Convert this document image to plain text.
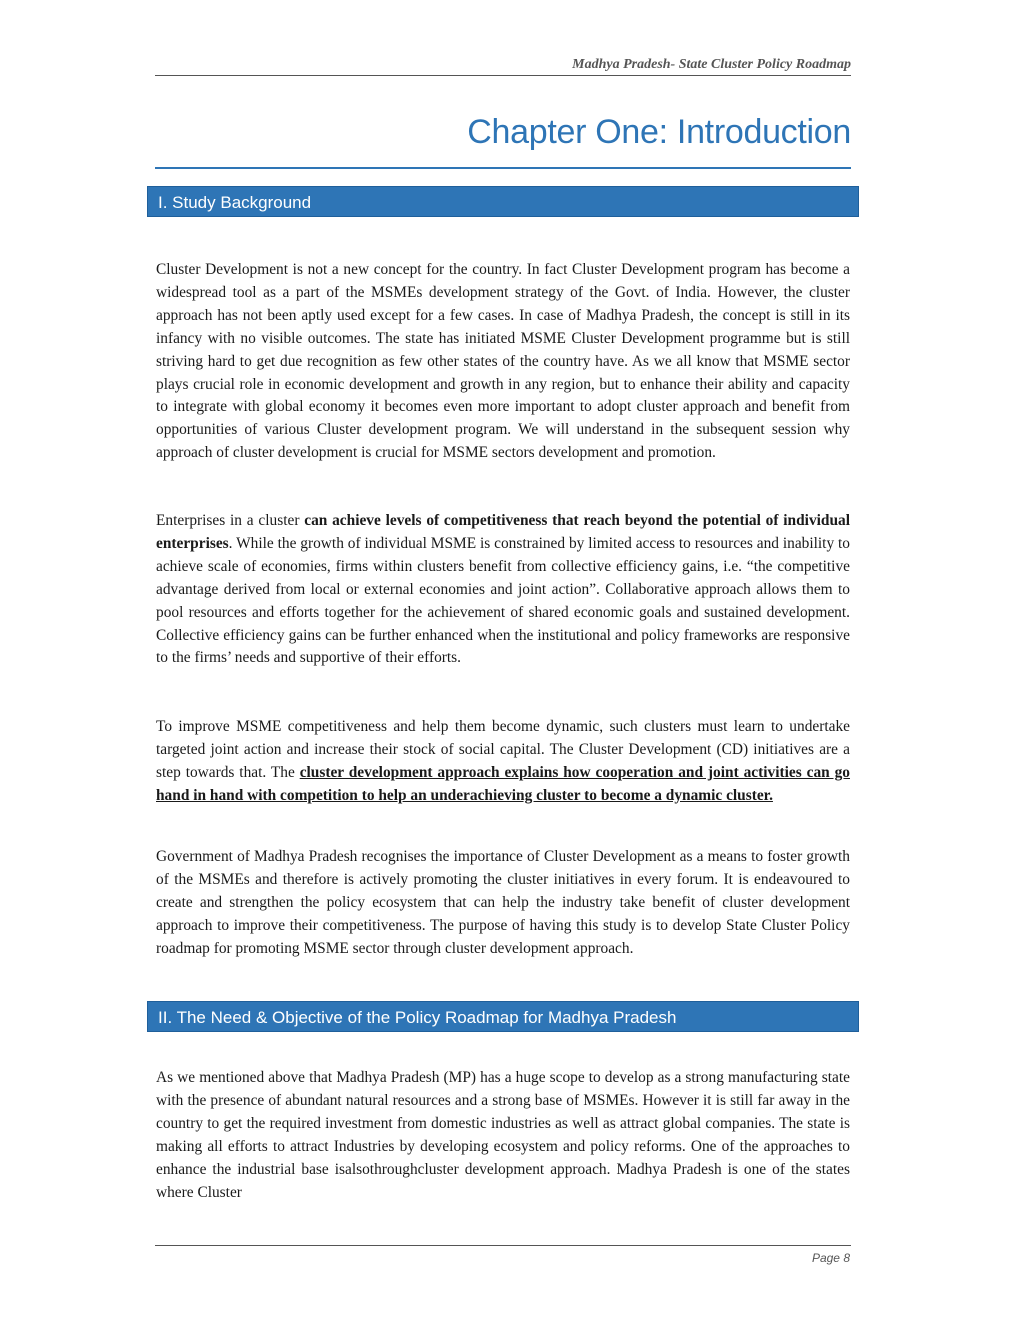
Madhya Pradesh- State Cluster Policy Roadmap
Chapter One: Introduction
I. Study Background

Cluster Development is not a new concept for the country. In fact Cluster Development program has become a widespread tool as a part of the MSMEs development strategy of the Govt. of India. However, the cluster approach has not been aptly used except for a few cases. In case of Madhya Pradesh, the concept is still in its infancy with no visible outcomes. The state has initiated MSME Cluster Development programme but is still striving hard to get due recognition as few other states of the country have. As we all know that MSME sector plays crucial role in economic development and growth in any region, but to enhance their ability and capacity to integrate with global economy it becomes even more important to adopt cluster approach and benefit from opportunities of various Cluster development program. We will understand in the subsequent session why approach of cluster development is crucial for MSME sectors development and promotion.

Enterprises in a cluster can achieve levels of competitiveness that reach beyond the potential of individual enterprises. While the growth of individual MSME is constrained by limited access to resources and inability to achieve scale of economies, firms within clusters benefit from collective efficiency gains, i.e. “the competitive advantage derived from local or external economies and joint action”. Collaborative approach allows them to pool resources and efforts together for the achievement of shared economic goals and sustained development. Collective efficiency gains can be further enhanced when the institutional and policy frameworks are responsive to the firms’ needs and supportive of their efforts.

To improve MSME competitiveness and help them become dynamic, such clusters must learn to undertake targeted joint action and increase their stock of social capital. The Cluster Development (CD) initiatives are a step towards that. The cluster development approach explains how cooperation and joint activities can go hand in hand with competition to help an underachieving cluster to become a dynamic cluster.

Government of Madhya Pradesh recognises the importance of Cluster Development as a means to foster growth of the MSMEs and therefore is actively promoting the cluster initiatives in every forum. It is endeavoured to create and strengthen the policy ecosystem that can help the industry take benefit of cluster development approach to improve their competitiveness. The purpose of having this study is to develop State Cluster Policy roadmap for promoting MSME sector through cluster development approach.

II. The Need & Objective of the Policy Roadmap for Madhya Pradesh

As we mentioned above that Madhya Pradesh (MP) has a huge scope to develop as a strong manufacturing state with the presence of abundant natural resources and a strong base of MSMEs. However it is still far away in the country to get the required investment from domestic industries as well as attract global companies. The state is making all efforts to attract Industries by developing ecosystem and policy reforms. One of the approaches to enhance the industrial base isalsothroughcluster development approach. Madhya Pradesh is one of the states where Cluster

Page 8
